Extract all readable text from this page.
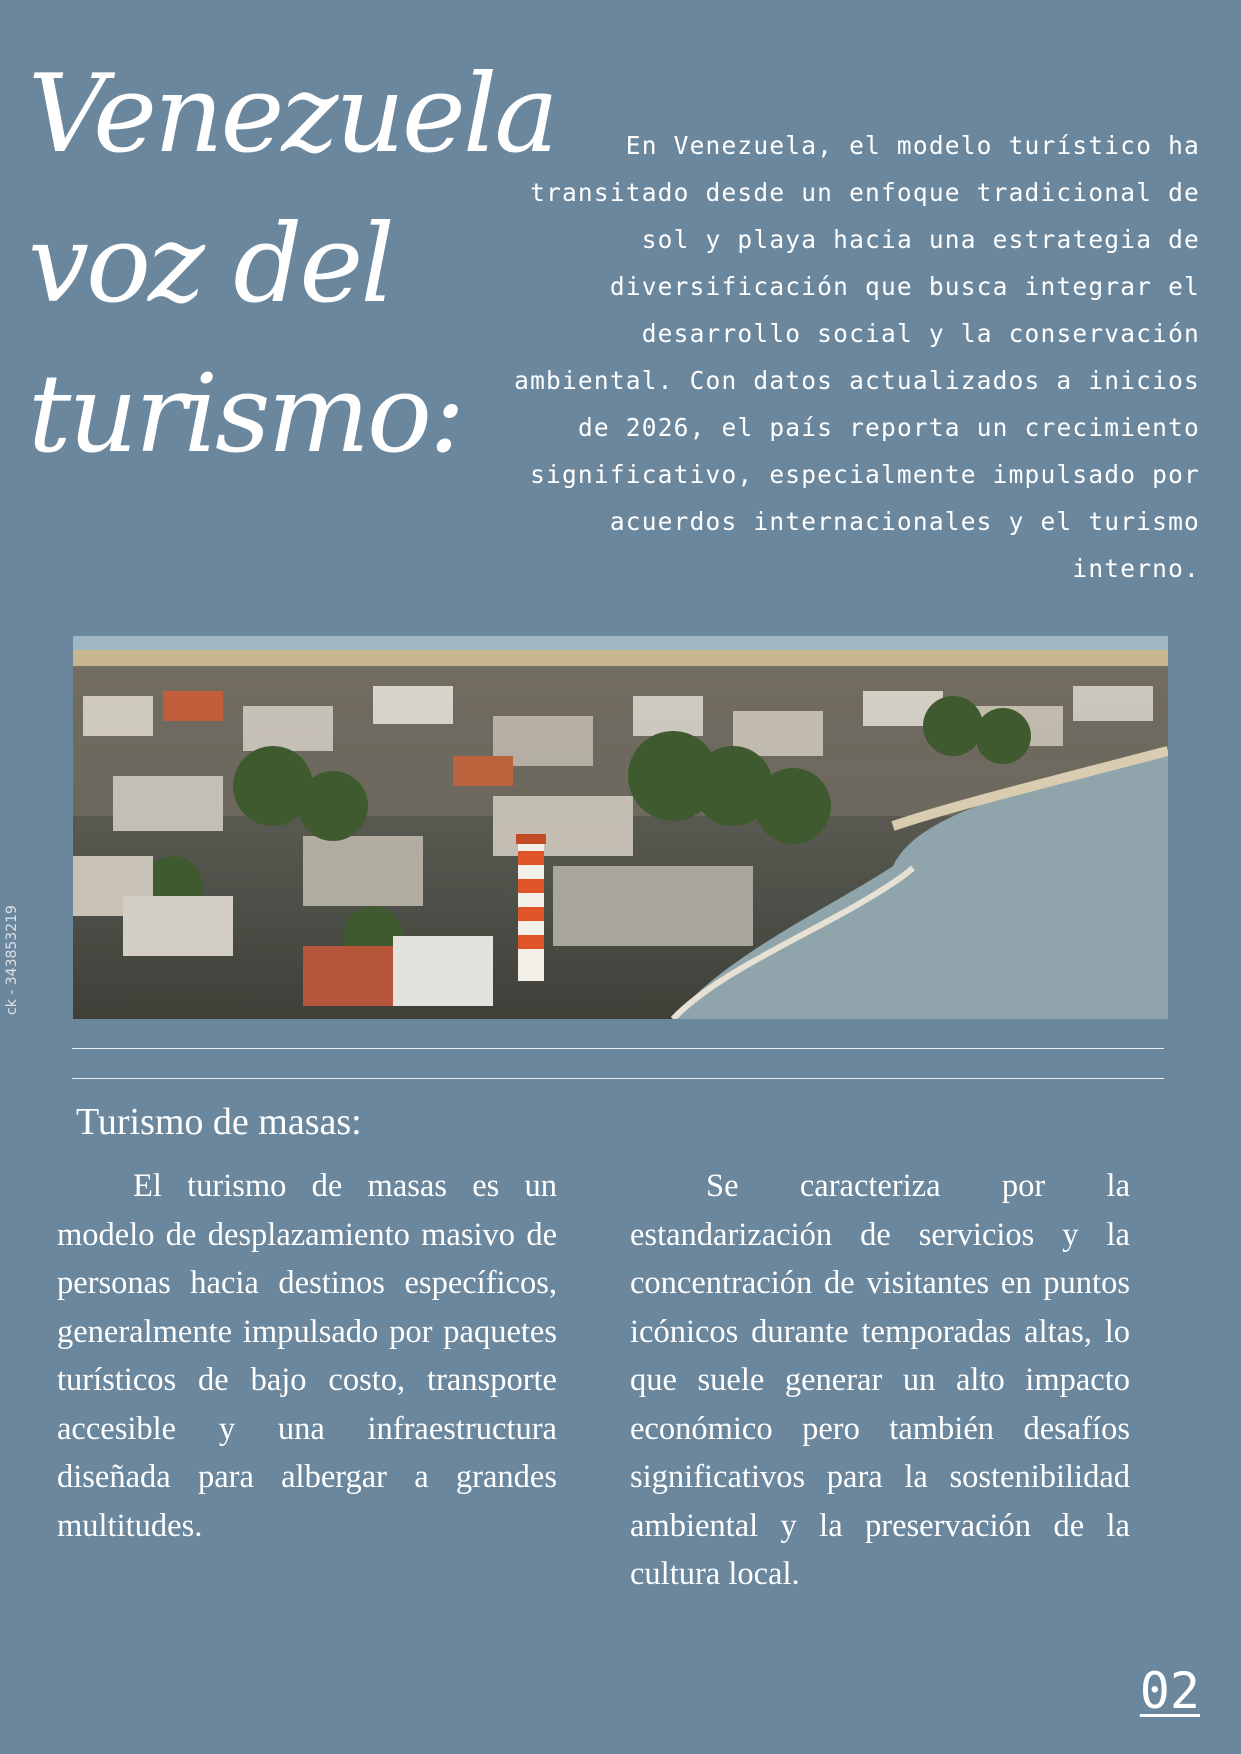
Venezuela
voz del
turismo:

En Venezuela, el modelo turístico ha transitado desde un enfoque tradicional de sol y playa hacia una estrategia de diversificación que busca integrar el desarrollo social y la conservación ambiental. Con datos actualizados a inicios de 2026, el país reporta un crecimiento significativo, especialmente impulsado por acuerdos internacionales y el turismo interno.

ck - 343853219
Turismo de masas:

El turismo de masas es un modelo de desplazamiento masivo de personas hacia destinos específicos, generalmente impulsado por paquetes turísticos de bajo costo, transporte accesible y una infraestructura diseñada para albergar a grandes multitudes.

Se caracteriza por la estandarización de servicios y la concentración de visitantes en puntos icónicos durante temporadas altas, lo que suele generar un alto impacto económico pero también desafíos significativos para la sostenibilidad ambiental y la preservación de la cultura local.

02
